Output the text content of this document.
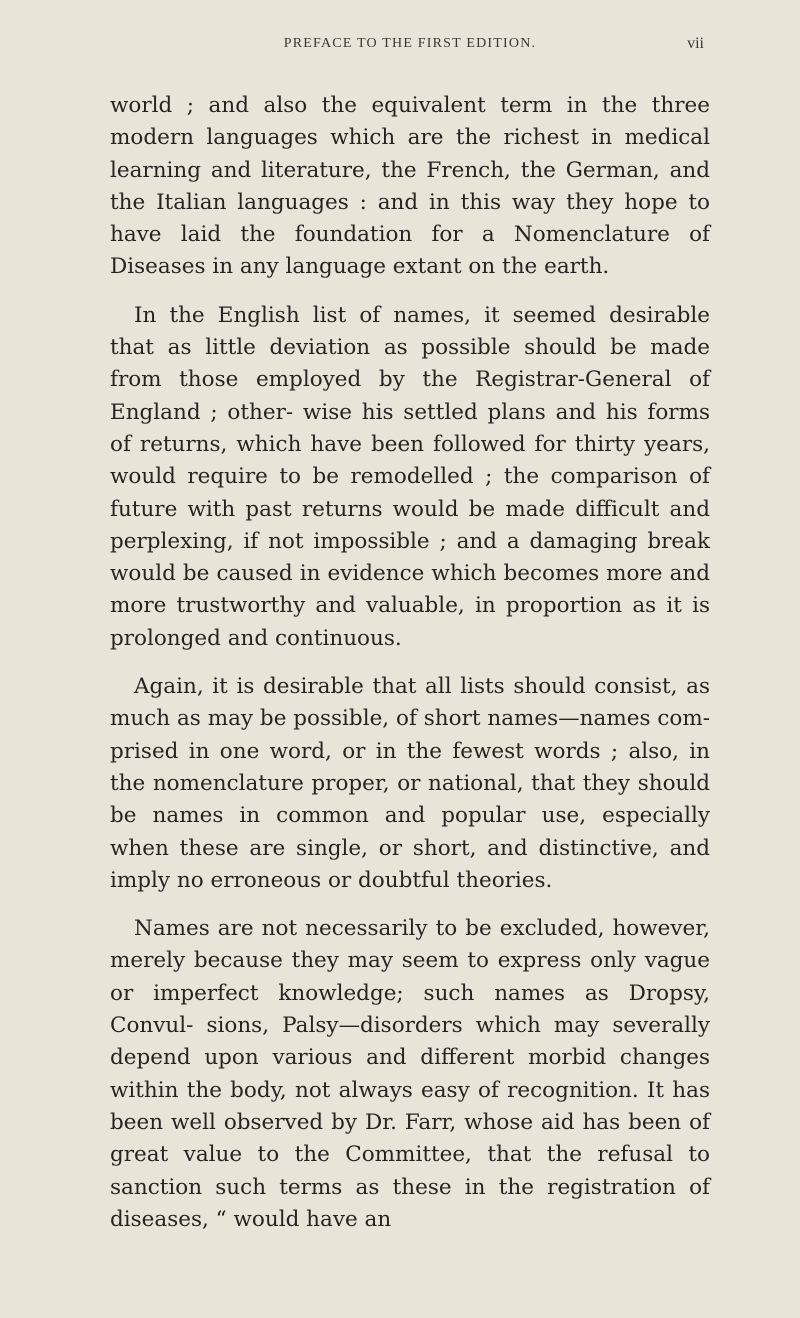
PREFACE TO THE FIRST EDITION.	vii

world ; and also the equivalent term in the three modern languages which are the richest in medical learning and literature, the French, the German, and the Italian languages : and in this way they hope to have laid the foundation for a Nomenclature of Diseases in any language extant on the earth.

In the English list of names, it seemed desirable that as little deviation as possible should be made from those employed by the Registrar-General of England ; other- wise his settled plans and his forms of returns, which have been followed for thirty years, would require to be remodelled ; the comparison of future with past returns would be made difficult and perplexing, if not impossible ; and a damaging break would be caused in evidence which becomes more and more trustworthy and valuable, in proportion as it is prolonged and continuous.

Again, it is desirable that all lists should consist, as much as may be possible, of short names—names com- prised in one word, or in the fewest words ; also, in the nomenclature proper, or national, that they should be names in common and popular use, especially when these are single, or short, and distinctive, and imply no erroneous or doubtful theories.

Names are not necessarily to be excluded, however, merely because they may seem to express only vague or imperfect knowledge; such names as Dropsy, Convul- sions, Palsy—disorders which may severally depend upon various and different morbid changes within the body, not always easy of recognition. It has been well observed by Dr. Farr, whose aid has been of great value to the Committee, that the refusal to sanction such terms as these in the registration of diseases, “ would have an
